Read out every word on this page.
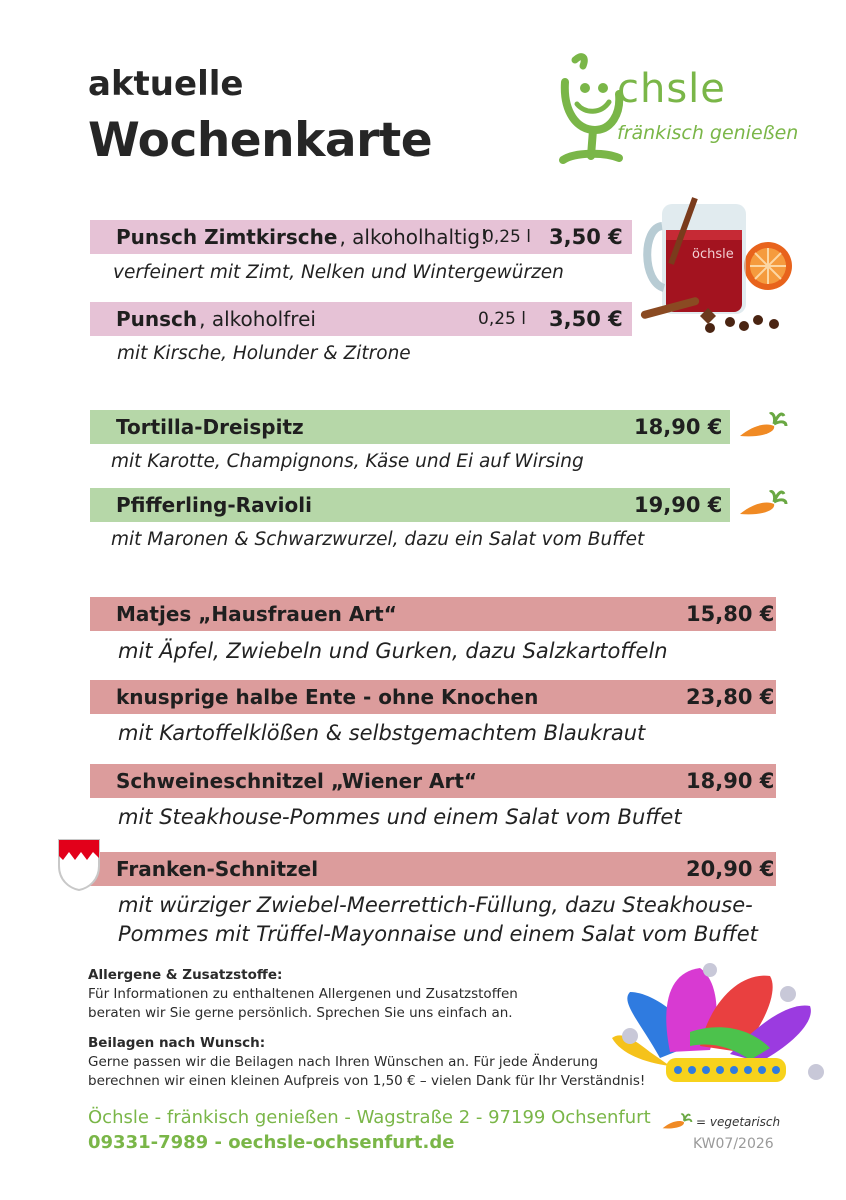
aktuelle
Wochenkarte
chsle
fränkisch genießen
öchsle
Punsch Zimtkirsche , alkoholhaltig!
0,25 l 3,50 €
verfeinert mit Zimt, Nelken und Wintergewürzen
Punsch , alkoholfrei	0,25 l 3,50 €
mit Kirsche, Holunder & Zitrone
Tortilla-Dreispitz	18,90 €
mit Karotte, Champignons, Käse und Ei auf Wirsing
Pfifferling-Ravioli	19,90 €
mit Maronen & Schwarzwurzel, dazu ein Salat vom Buffet
Matjes „Hausfrauen Art“	15,80 €
mit Äpfel, Zwiebeln und Gurken, dazu Salzkartoffeln
knusprige halbe Ente - ohne Knochen	23,80 €
mit Kartoffelklößen & selbstgemachtem Blaukraut
Schweineschnitzel „Wiener Art“	18,90 €
mit Steakhouse-Pommes und einem Salat vom Buffet
Franken-Schnitzel	20,90 €
mit würziger Zwiebel-Meerrettich-Füllung, dazu Steakhouse-
Pommes mit Trüffel-Mayonnaise und einem Salat vom Buffet
Allergene & Zusatzstoffe:
Für Informationen zu enthaltenen Allergenen und Zusatzstoffen
beraten wir Sie gerne persönlich. Sprechen Sie uns einfach an.
Beilagen nach Wunsch:
Gerne passen wir die Beilagen nach Ihren Wünschen an. Für jede Änderung
berechnen wir einen kleinen Aufpreis von 1,50 € – vielen Dank für Ihr Verständnis!
Öchsle - fränkisch genießen - Wagstraße 2 - 97199 Ochsenfurt
09331-7989 - oechsle-ochsenfurt.de
= vegetarisch
KW07/2026
